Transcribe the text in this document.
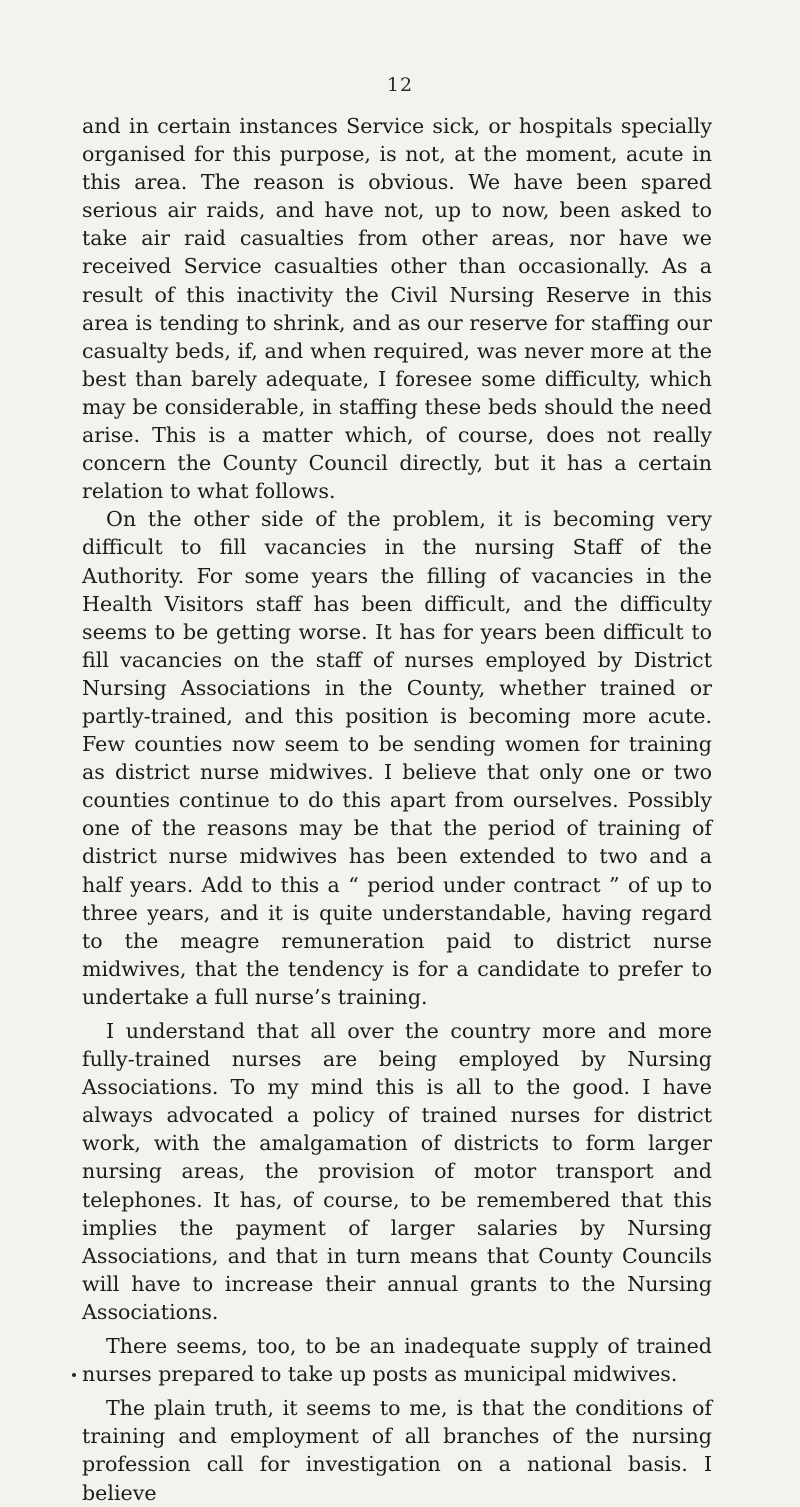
12

and in certain instances Service sick, or hospitals specially organised for this purpose, is not, at the moment, acute in this area. The reason is obvious. We have been spared serious air raids, and have not, up to now, been asked to take air raid casualties from other areas, nor have we received Service casualties other than occasionally. As a result of this inactivity the Civil Nursing Reserve in this area is tending to shrink, and as our reserve for staffing our casualty beds, if, and when required, was never more at the best than barely adequate, I foresee some difficulty, which may be considerable, in staffing these beds should the need arise. This is a matter which, of course, does not really concern the County Council directly, but it has a certain relation to what follows.

On the other side of the problem, it is becoming very difficult to fill vacancies in the nursing Staff of the Authority. For some years the filling of vacancies in the Health Visitors staff has been difficult, and the difficulty seems to be getting worse. It has for years been difficult to fill vacancies on the staff of nurses employed by District Nursing Associations in the County, whether trained or partly-trained, and this position is becoming more acute. Few counties now seem to be sending women for training as district nurse midwives. I believe that only one or two counties continue to do this apart from ourselves. Possibly one of the reasons may be that the period of training of district nurse midwives has been extended to two and a half years. Add to this a “ period under contract ” of up to three years, and it is quite understandable, having regard to the meagre remuneration paid to district nurse midwives, that the tendency is for a candidate to prefer to undertake a full nurse’s training.

I understand that all over the country more and more fully-trained nurses are being employed by Nursing Associations. To my mind this is all to the good. I have always advocated a policy of trained nurses for district work, with the amalgamation of districts to form larger nursing areas, the provision of motor transport and telephones. It has, of course, to be remembered that this implies the payment of larger salaries by Nursing Associations, and that in turn means that County Councils will have to increase their annual grants to the Nursing Associations.

There seems, too, to be an inadequate supply of trained nurses prepared to take up posts as municipal midwives.

The plain truth, it seems to me, is that the conditions of training and employment of all branches of the nursing profession call for investigation on a national basis. I believe
